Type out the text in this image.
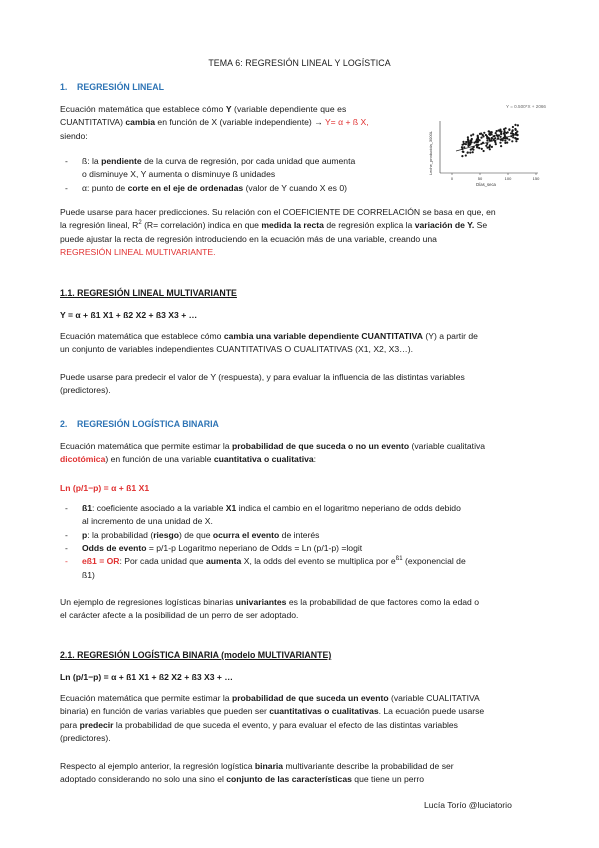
TEMA 6: REGRESIÓN LINEAL Y LOGÍSTICA
1. REGRESIÓN LINEAL
Ecuación matemática que establece cómo Y (variable dependiente que es
CUANTITATIVA) cambia en función de X (variable independiente) → Y= α + ß X,
siendo:
- ß: la pendiente de la curva de regresión, por cada unidad que aumenta
o disminuye X, Y aumenta o disminuye ß unidades
- α: punto de corte en el eje de ordenadas (valor de Y cuando X es 0)
Y = 0.500*X + 2066
Leche_producida_3000L
0	50	100	150
Días_seca
Puede usarse para hacer predicciones. Su relación con el COEFICIENTE DE CORRELACIÓN se basa en que, en
la regresión lineal, $R^2$ (R= correlación) indica en que medida la recta de regresión explica la variación de Y. Se
puede ajustar la recta de regresión introduciendo en la ecuación más de una variable, creando una
REGRESIÓN LINEAL MULTIVARIANTE.
1.1. REGRESIÓN LINEAL MULTIVARIANTE
Y = α + ß1 X1 + ß2 X2 + ß3 X3 + …
Ecuación matemática que establece cómo cambia una variable dependiente CUANTITATIVA (Y) a partir de
un conjunto de variables independientes CUANTITATIVAS O CUALITATIVAS (X1, X2, X3…).
Puede usarse para predecir el valor de Y (respuesta), y para evaluar la influencia de las distintas variables
(predictores).
2. REGRESIÓN LOGÍSTICA BINARIA
Ecuación matemática que permite estimar la probabilidad de que suceda o no un evento (variable cualitativa
dicotómica) en función de una variable cuantitativa o cualitativa:
Ln (p/1−p) = α + ß1 X1
- ß1: coeficiente asociado a la variable X1 indica el cambio en el logaritmo neperiano de odds debido
al incremento de una unidad de X.
- p: la probabilidad (riesgo) de que ocurra el evento de interés
- Odds de evento = p/1-p Logaritmo neperiano de Odds = Ln (p/1-p) =logit
- eß1 = OR: Por cada unidad que aumenta X, la odds del evento se multiplica por $e^{ß1}$ (exponencial de
ß1)
Un ejemplo de regresiones logísticas binarias univariantes es la probabilidad de que factores como la edad o
el carácter afecte a la posibilidad de un perro de ser adoptado.
2.1. REGRESIÓN LOGÍSTICA BINARIA (modelo MULTIVARIANTE)
Ln (p/1−p) = α + ß1 X1 + ß2 X2 + ß3 X3 + …
Ecuación matemática que permite estimar la probabilidad de que suceda un evento (variable CUALITATIVA
binaria) en función de varias variables que pueden ser cuantitativas o cualitativas. La ecuación puede usarse
para predecir la probabilidad de que suceda el evento, y para evaluar el efecto de las distintas variables
(predictores).
Respecto al ejemplo anterior, la regresión logística binaria multivariante describe la probabilidad de ser
adoptado considerando no solo una sino el conjunto de las características que tiene un perro
Lucía Torío @luciatorio
